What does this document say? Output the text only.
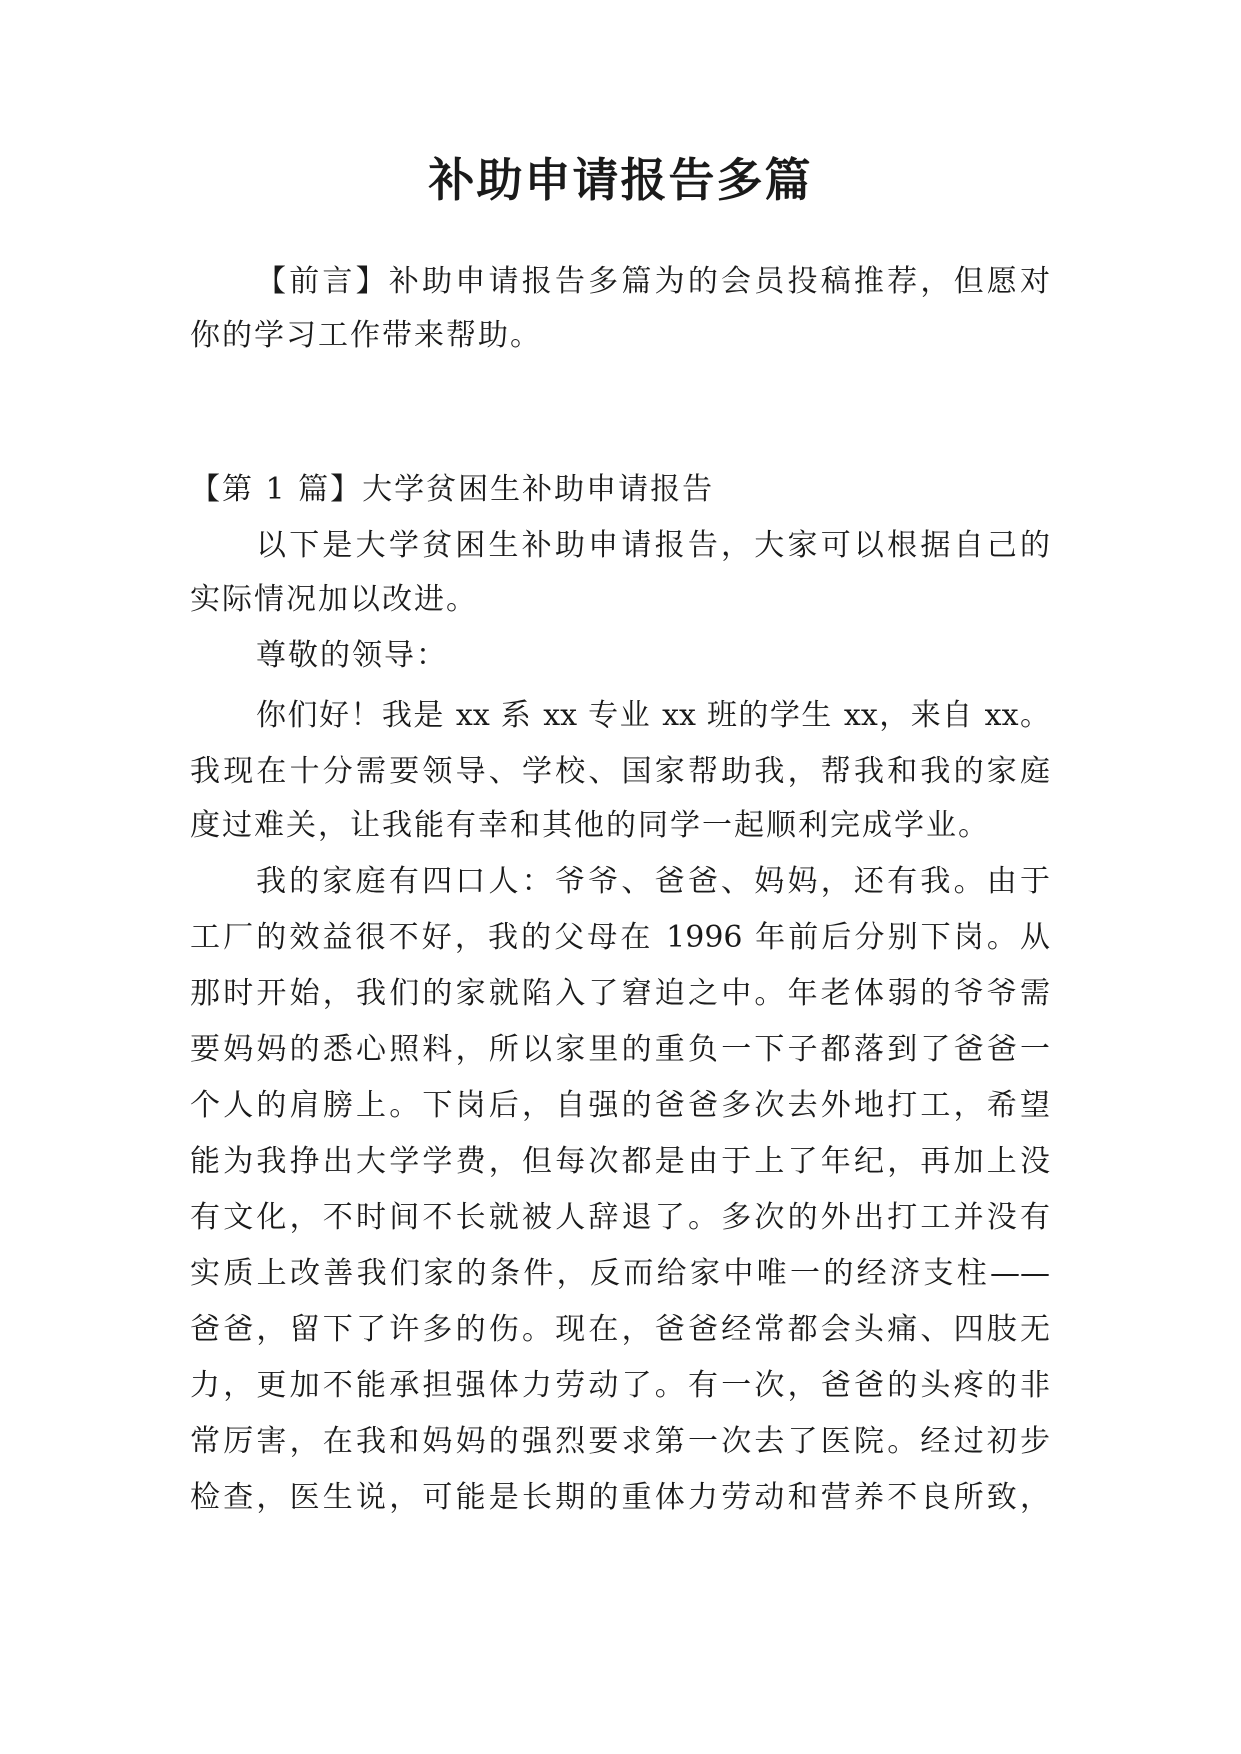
补助申请报告多篇
【前言】补助申请报告多篇为的会员投稿推荐，但愿对
你的学习工作带来帮助。
【第 1 篇】大学贫困生补助申请报告
以下是大学贫困生补助申请报告，大家可以根据自己的
实际情况加以改进。
尊敬的领导：
你们好！我是 xx 系 xx 专业 xx 班的学生 xx，来自 xx。
我现在十分需要领导、学校、国家帮助我，帮我和我的家庭
度过难关，让我能有幸和其他的同学一起顺利完成学业。
我的家庭有四口人：爷爷、爸爸、妈妈，还有我。由于
工厂的效益很不好，我的父母在 1996 年前后分别下岗。从
那时开始，我们的家就陷入了窘迫之中。年老体弱的爷爷需
要妈妈的悉心照料，所以家里的重负一下子都落到了爸爸一
个人的肩膀上。下岗后，自强的爸爸多次去外地打工，希望
能为我挣出大学学费，但每次都是由于上了年纪，再加上没
有文化，不时间不长就被人辞退了。多次的外出打工并没有
实质上改善我们家的条件，反而给家中唯一的经济支柱——
爸爸，留下了许多的伤。现在，爸爸经常都会头痛、四肢无
力，更加不能承担强体力劳动了。有一次，爸爸的头疼的非
常厉害，在我和妈妈的强烈要求第一次去了医院。经过初步
检查，医生说，可能是长期的重体力劳动和营养不良所致，
